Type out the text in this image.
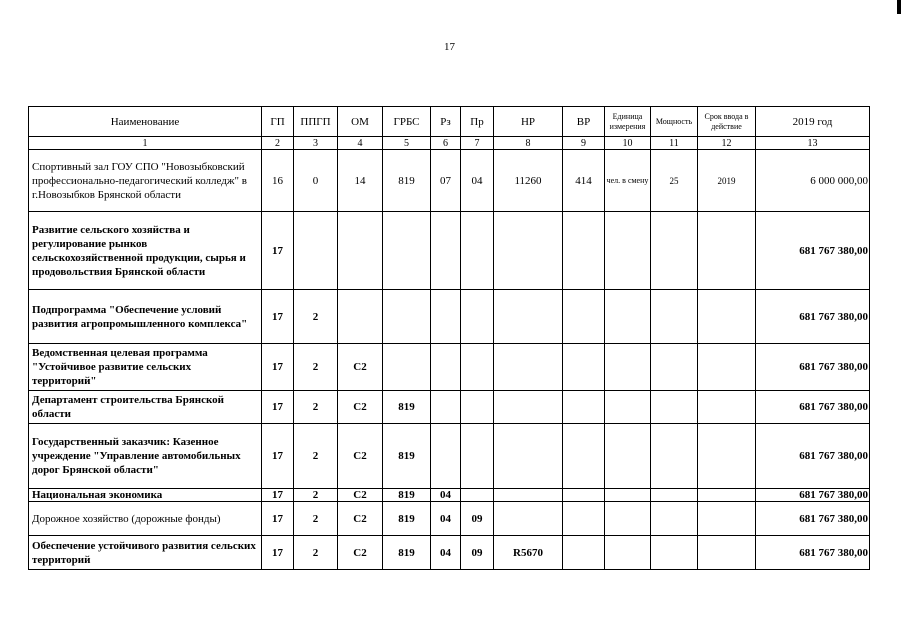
17
Наименование	ГП	ППГП	ОМ	ГРБС	Рз	Пр	НР	ВР	Единица измерения	Мощность	Срок ввода в действие	2019 год
1	2	3	4	5	6	7	8	9	10	11	12	13
Спортивный зал ГОУ СПО "Новозыбковский профессионально-педагогический колледж" в г.Новозыбков Брянской области	16	0	14	819	07	04	11260	414	чел. в смену	25	2019	6 000 000,00
Развитие сельского хозяйства и регулирование рынков сельскохозяйственной продукции, сырья и продовольствия Брянской области	17											681 767 380,00
Подпрограмма "Обеспечение условий развития агропромышленного комплекса"	17	2										681 767 380,00
Ведомственная целевая программа "Устойчивое развитие сельских территорий"	17	2	С2									681 767 380,00
Департамент строительства Брянской области	17	2	С2	819								681 767 380,00
Государственный заказчик: Казенное учреждение "Управление автомобильных дорог Брянской области"	17	2	С2	819								681 767 380,00
Национальная экономика	17	2	С2	819	04							681 767 380,00
Дорожное хозяйство (дорожные фонды)	17	2	С2	819	04	09						681 767 380,00
Обеспечение устойчивого развития сельских территорий	17	2	С2	819	04	09	R5670					681 767 380,00
